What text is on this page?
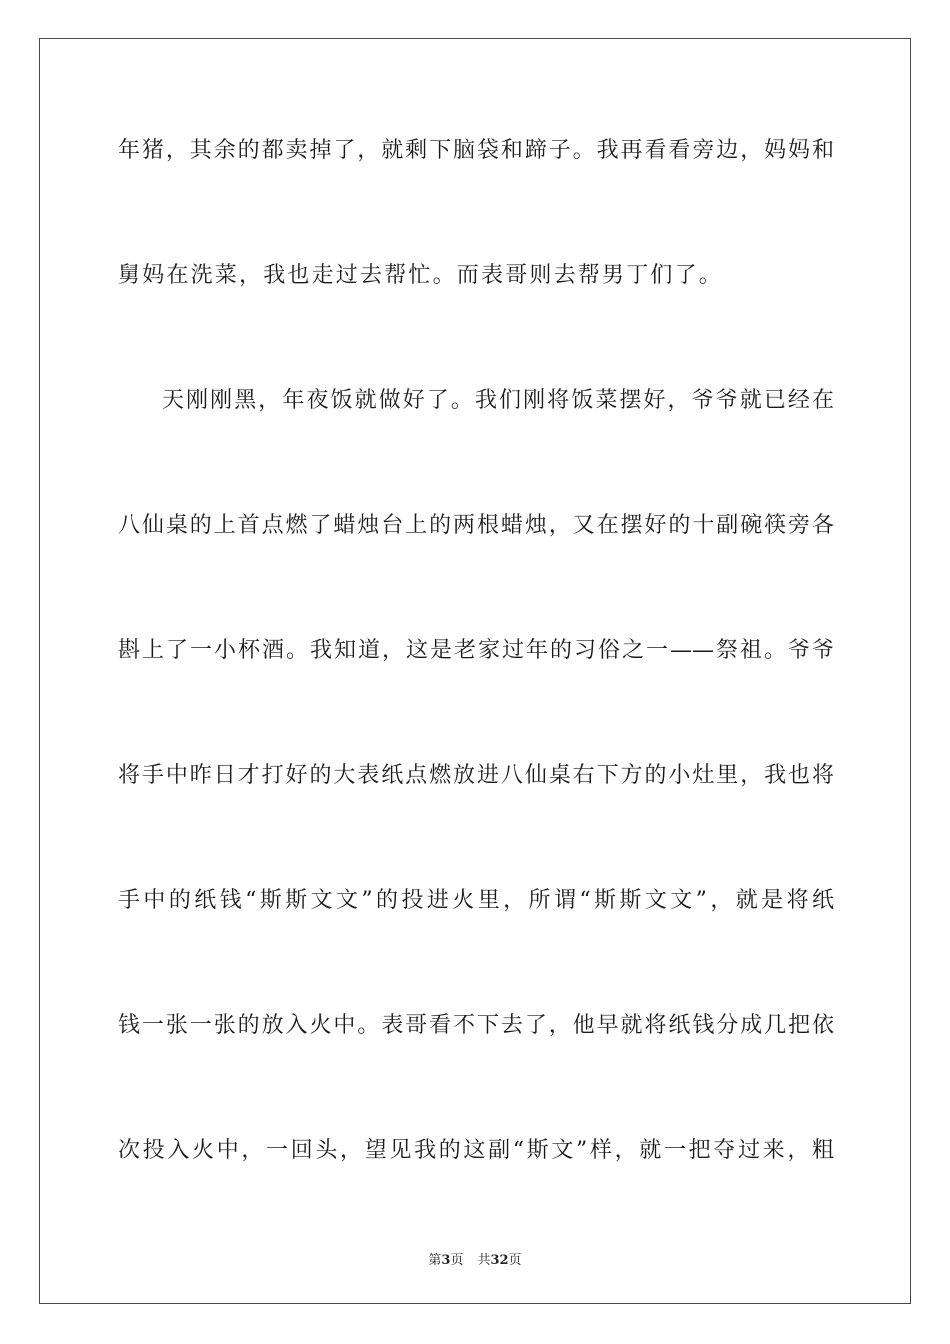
年猪，其余的都卖掉了，就剩下脑袋和蹄子。我再看看旁边，妈妈和
舅妈在洗菜，我也走过去帮忙。而表哥则去帮男丁们了。
天刚刚黑，年夜饭就做好了。我们刚将饭菜摆好，爷爷就已经在
八仙桌的上首点燃了蜡烛台上的两根蜡烛，又在摆好的十副碗筷旁各
斟上了一小杯酒。我知道，这是老家过年的习俗之一——祭祖。爷爷
将手中昨日才打好的大表纸点燃放进八仙桌右下方的小灶里，我也将
手中的纸钱“斯斯文文”的投进火里，所谓“斯斯文文”，就是将纸
钱一张一张的放入火中。表哥看不下去了，他早就将纸钱分成几把依
次投入火中，一回头，望见我的这副“斯文”样，就一把夺过来，粗
第3页 共32页
